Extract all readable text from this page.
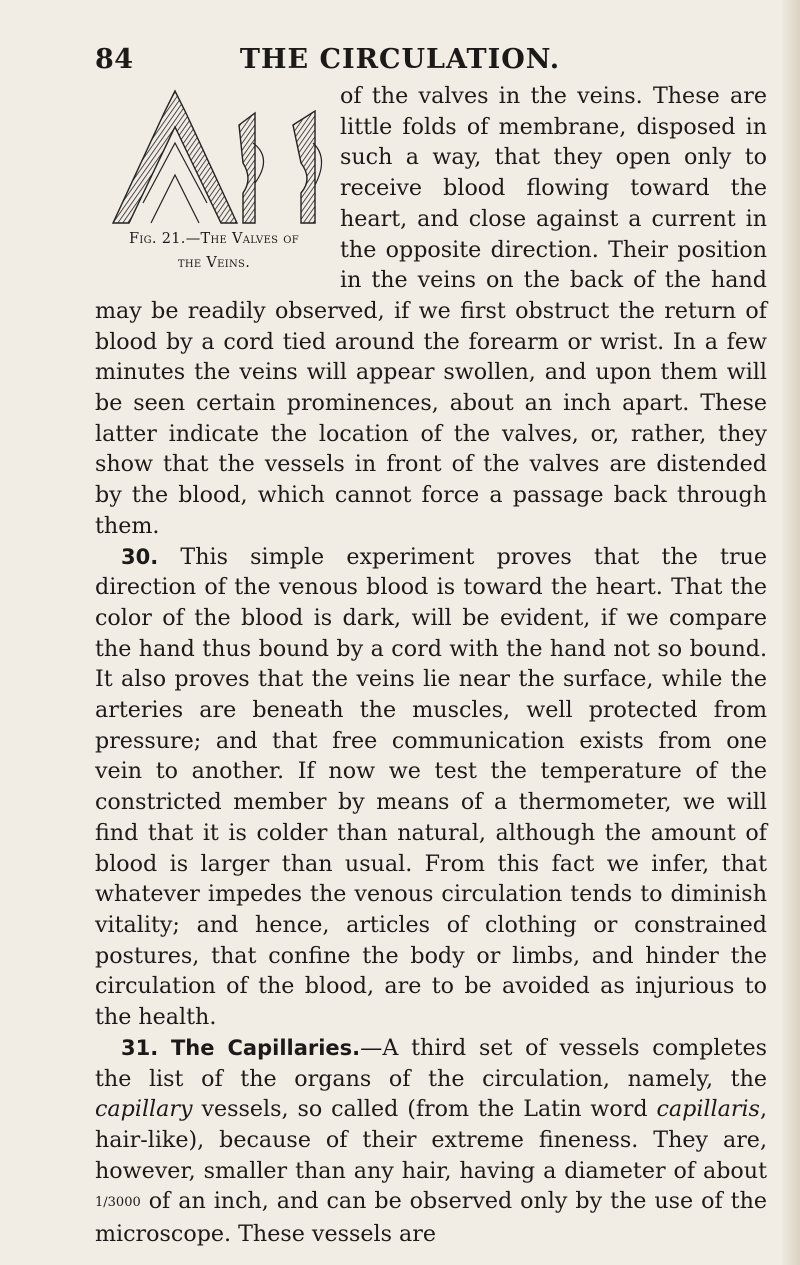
84	THE CIRCULATION.
Fig. 21.—The Valves of
the Veins.

of the valves in the veins. These are little folds of membrane, disposed in such a way, that they open only to receive blood flowing toward the heart, and close against a current in the opposite direction. Their position in the veins on the back of the hand may be readily observed, if we first obstruct the return of blood by a cord tied around the forearm or wrist. In a few minutes the veins will appear swollen, and upon them will be seen certain prominences, about an inch apart. These latter indicate the location of the valves, or, rather, they show that the vessels in front of the valves are distended by the blood, which cannot force a passage back through them.

30. This simple experiment proves that the true direction of the venous blood is toward the heart. That the color of the blood is dark, will be evident, if we compare the hand thus bound by a cord with the hand not so bound. It also proves that the veins lie near the surface, while the arteries are beneath the muscles, well protected from pressure; and that free communication exists from one vein to another. If now we test the temperature of the constricted member by means of a thermometer, we will find that it is colder than natural, although the amount of blood is larger than usual. From this fact we infer, that whatever impedes the venous circulation tends to diminish vitality; and hence, articles of clothing or constrained postures, that confine the body or limbs, and hinder the circulation of the blood, are to be avoided as injurious to the health.

31. The Capillaries.—A third set of vessels completes the list of the organs of the circulation, namely, the capillary vessels, so called (from the Latin word capillaris, hair-like), because of their extreme fineness. They are, however, smaller than any hair, having a diameter of about 1/3000 of an inch, and can be observed only by the use of the microscope. These vessels are
